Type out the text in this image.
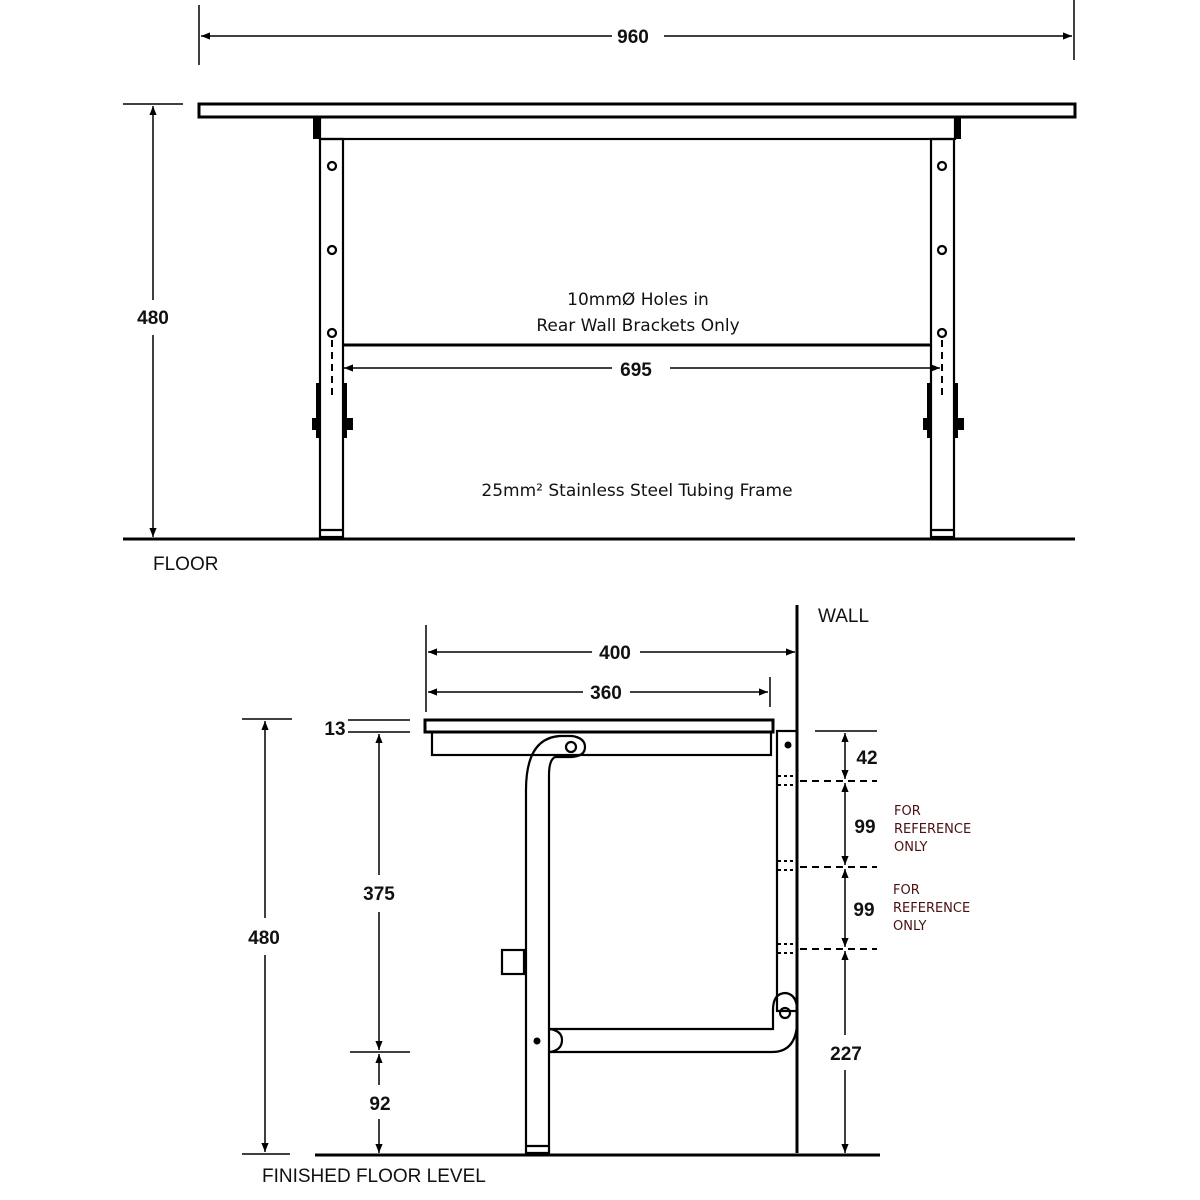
960
480
695
10mmØ Holes in
Rear Wall Brackets Only
25mm² Stainless Steel Tubing Frame
FLOOR
WALL
400
360
FINISHED FLOOR LEVEL
480
13
375
92
42
99
99
227
FOR
REFERENCE
ONLY
FOR
REFERENCE
ONLY
